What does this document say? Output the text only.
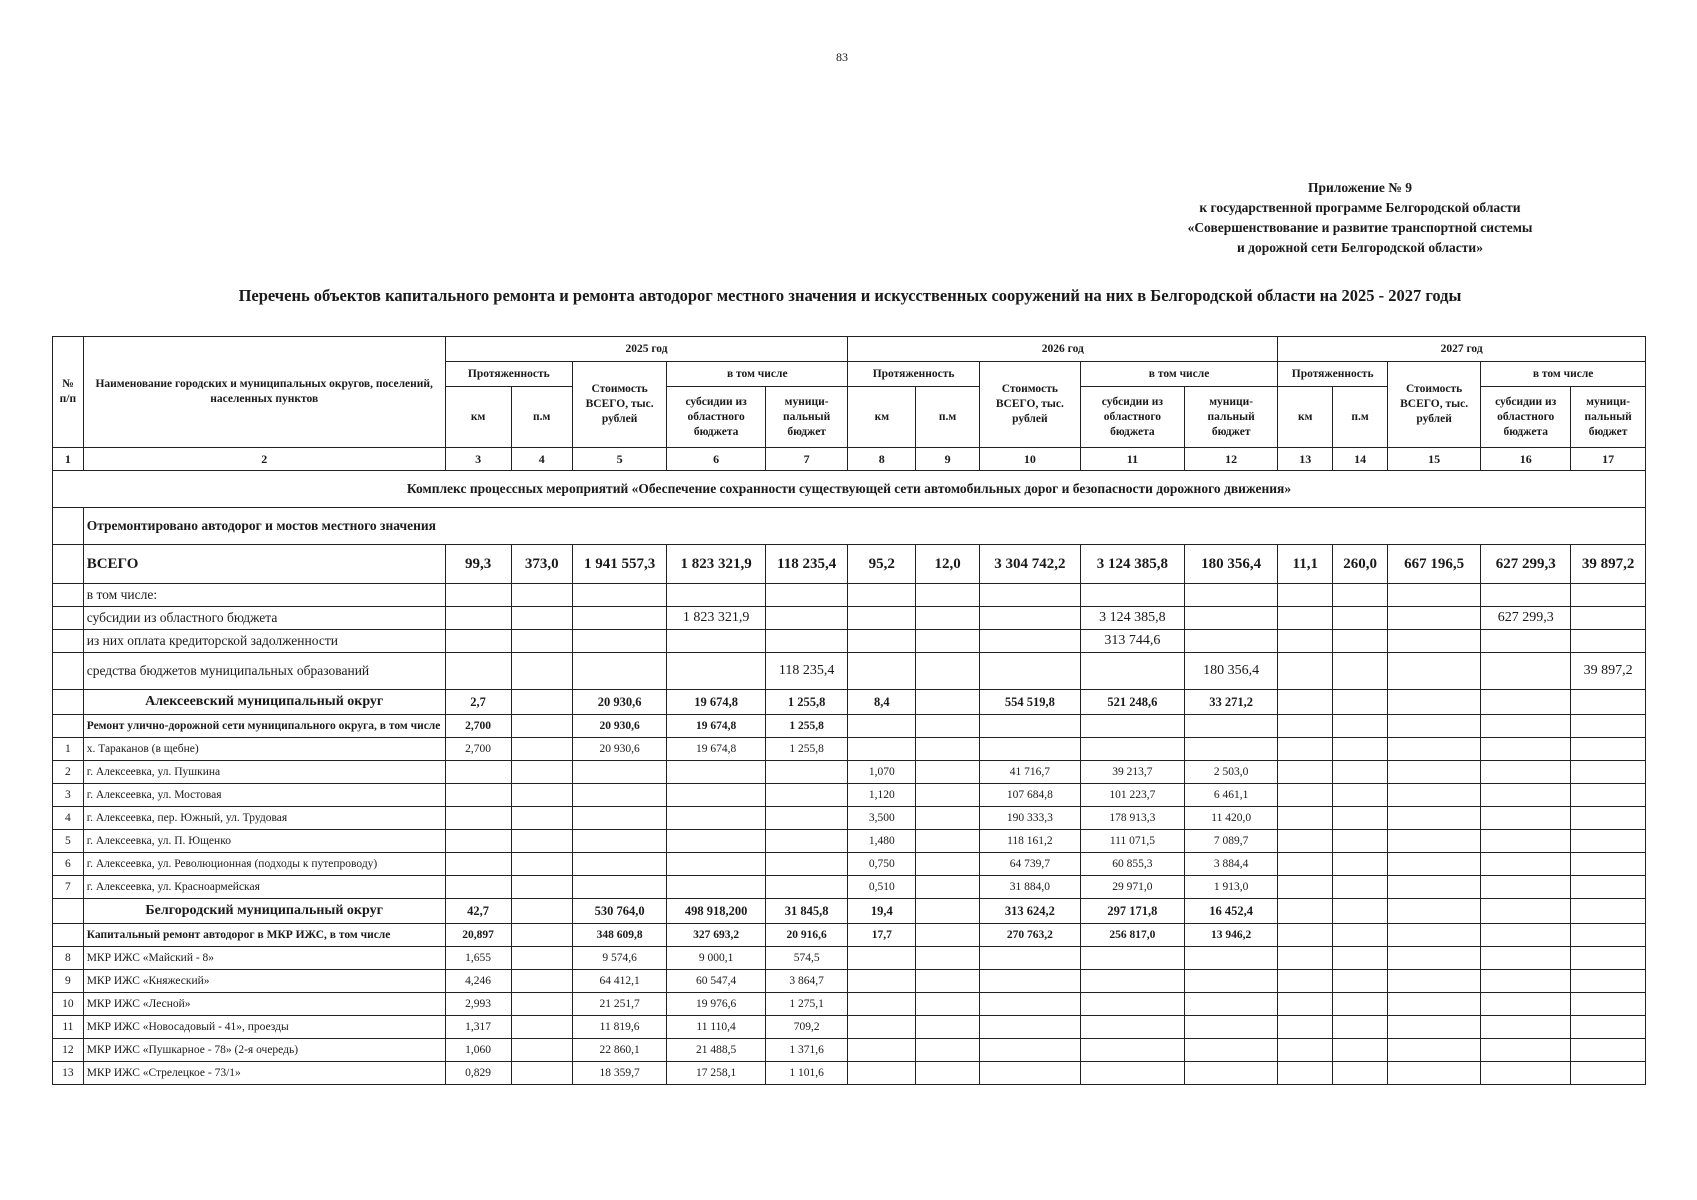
83
Приложение № 9
к государственной программе Белгородской области
«Совершенствование и развитие транспортной системы
и дорожной сети Белгородской области»
Перечень объектов капитального ремонта и ремонта автодорог местного значения и искусственных сооружений на них в Белгородской области на 2025 - 2027 годы
№ п/п	Наименование городских и муниципальных округов, поселений, населенных пунктов	2025 год					2026 год					2027 год				
		Протяженность		Стоимость ВСЕГО, тыс. рублей	в том числе		Протяженность		Стоимость ВСЕГО, тыс. рублей	в том числе		Протяженность		Стоимость ВСЕГО, тыс. рублей	в том числе	
		км	п.м		субсидии из областного бюджета	муници-пальный бюджет	км	п.м		субсидии из областного бюджета	муници-пальный бюджет	км	п.м		субсидии из областного бюджета	муници-пальный бюджет
1	2	3	4	5	6	7	8	9	10	11	12	13	14	15	16	17
Комплекс процессных мероприятий «Обеспечение сохранности существующей сети автомобильных дорог и безопасности дорожного движения»																
	Отремонтировано автодорог и мостов местного значения															
	ВСЕГО	99,3	373,0	1 941 557,3	1 823 321,9	118 235,4	95,2	12,0	3 304 742,2	3 124 385,8	180 356,4	11,1	260,0	667 196,5	627 299,3	39 897,2
	в том числе:															
	субсидии из областного бюджета				1 823 321,9					3 124 385,8					627 299,3	
	из них оплата кредиторской задолженности									313 744,6						
	средства бюджетов муниципальных образований					118 235,4					180 356,4					39 897,2
	Алексеевский муниципальный округ	2,7		20 930,6	19 674,8	1 255,8	8,4		554 519,8	521 248,6	33 271,2					
	Ремонт улично-дорожной сети муниципального округа, в том числе	2,700		20 930,6	19 674,8	1 255,8										
1	х. Тараканов (в щебне)	2,700		20 930,6	19 674,8	1 255,8										
2	г. Алексеевка, ул. Пушкина						1,070		41 716,7	39 213,7	2 503,0					
3	г. Алексеевка, ул. Мостовая						1,120		107 684,8	101 223,7	6 461,1					
4	г. Алексеевка, пер. Южный, ул. Трудовая						3,500		190 333,3	178 913,3	11 420,0					
5	г. Алексеевка, ул. П. Ющенко						1,480		118 161,2	111 071,5	7 089,7					
6	г. Алексеевка, ул. Революционная (подходы к путепроводу)						0,750		64 739,7	60 855,3	3 884,4					
7	г. Алексеевка, ул. Красноармейская						0,510		31 884,0	29 971,0	1 913,0					
	Белгородский муниципальный округ	42,7		530 764,0	498 918,200	31 845,8	19,4		313 624,2	297 171,8	16 452,4					
	Капитальный ремонт автодорог в МКР ИЖС, в том числе	20,897		348 609,8	327 693,2	20 916,6	17,7		270 763,2	256 817,0	13 946,2					
8	МКР ИЖС «Майский - 8»	1,655		9 574,6	9 000,1	574,5										
9	МКР ИЖС «Княжеский»	4,246		64 412,1	60 547,4	3 864,7										
10	МКР ИЖС «Лесной»	2,993		21 251,7	19 976,6	1 275,1										
11	МКР ИЖС «Новосадовый - 41», проезды	1,317		11 819,6	11 110,4	709,2										
12	МКР ИЖС «Пушкарное - 78» (2-я очередь)	1,060		22 860,1	21 488,5	1 371,6										
13	МКР ИЖС «Стрелецкое - 73/1»	0,829		18 359,7	17 258,1	1 101,6										
